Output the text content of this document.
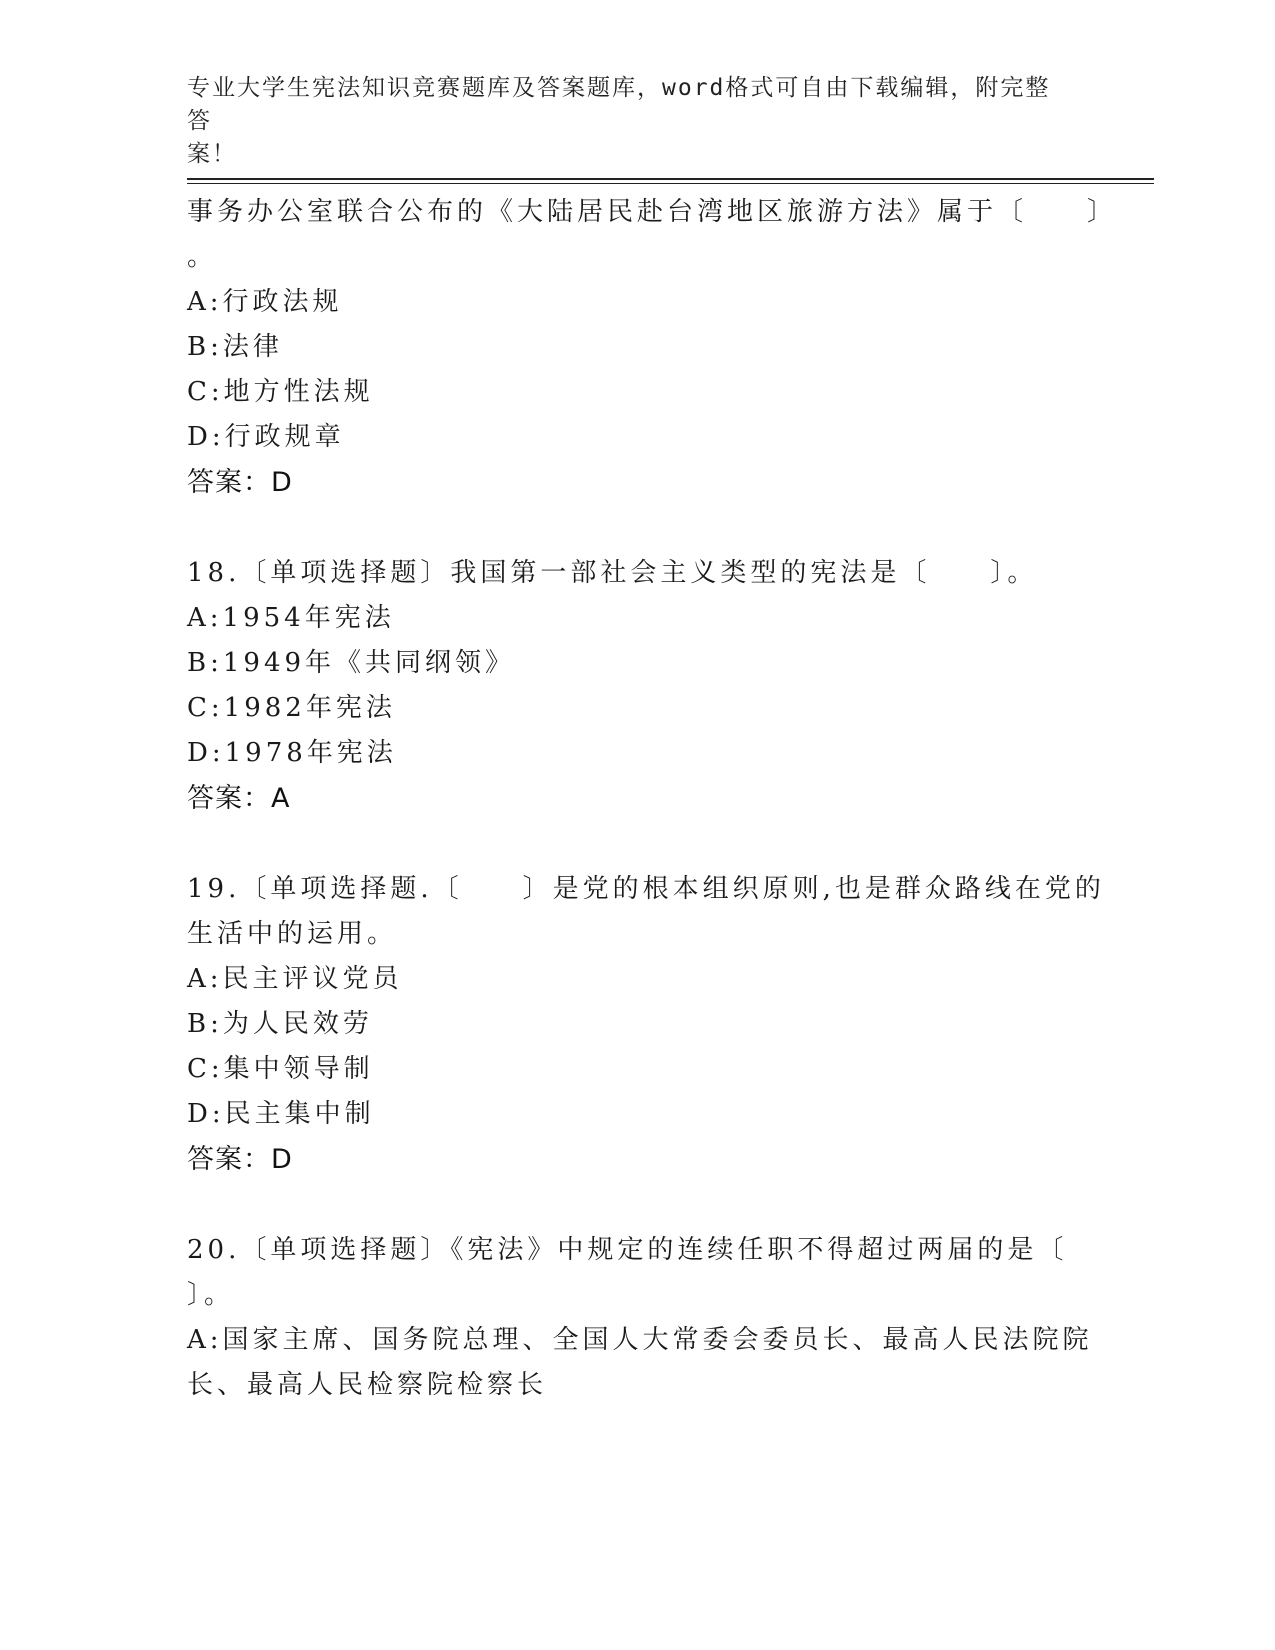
专业大学生宪法知识竞赛题库及答案题库，word格式可自由下载编辑，附完整答
案！
事务办公室联合公布的《大陆居民赴台湾地区旅游方法》属于〔　　〕
。
A:行政法规
B:法律
C:地方性法规
D:行政规章
答案：D
18.〔单项选择题〕我国第一部社会主义类型的宪法是〔　　〕。
A:1954年宪法
B:1949年《共同纲领》
C:1982年宪法
D:1978年宪法
答案：A
19.〔单项选择题.〔　　〕是党的根本组织原则,也是群众路线在党的
生活中的运用。
A:民主评议党员
B:为人民效劳
C:集中领导制
D:民主集中制
答案：D
20.〔单项选择题〕《宪法》中规定的连续任职不得超过两届的是〔
〕。
A:国家主席、国务院总理、全国人大常委会委员长、最高人民法院院
长、最高人民检察院检察长
